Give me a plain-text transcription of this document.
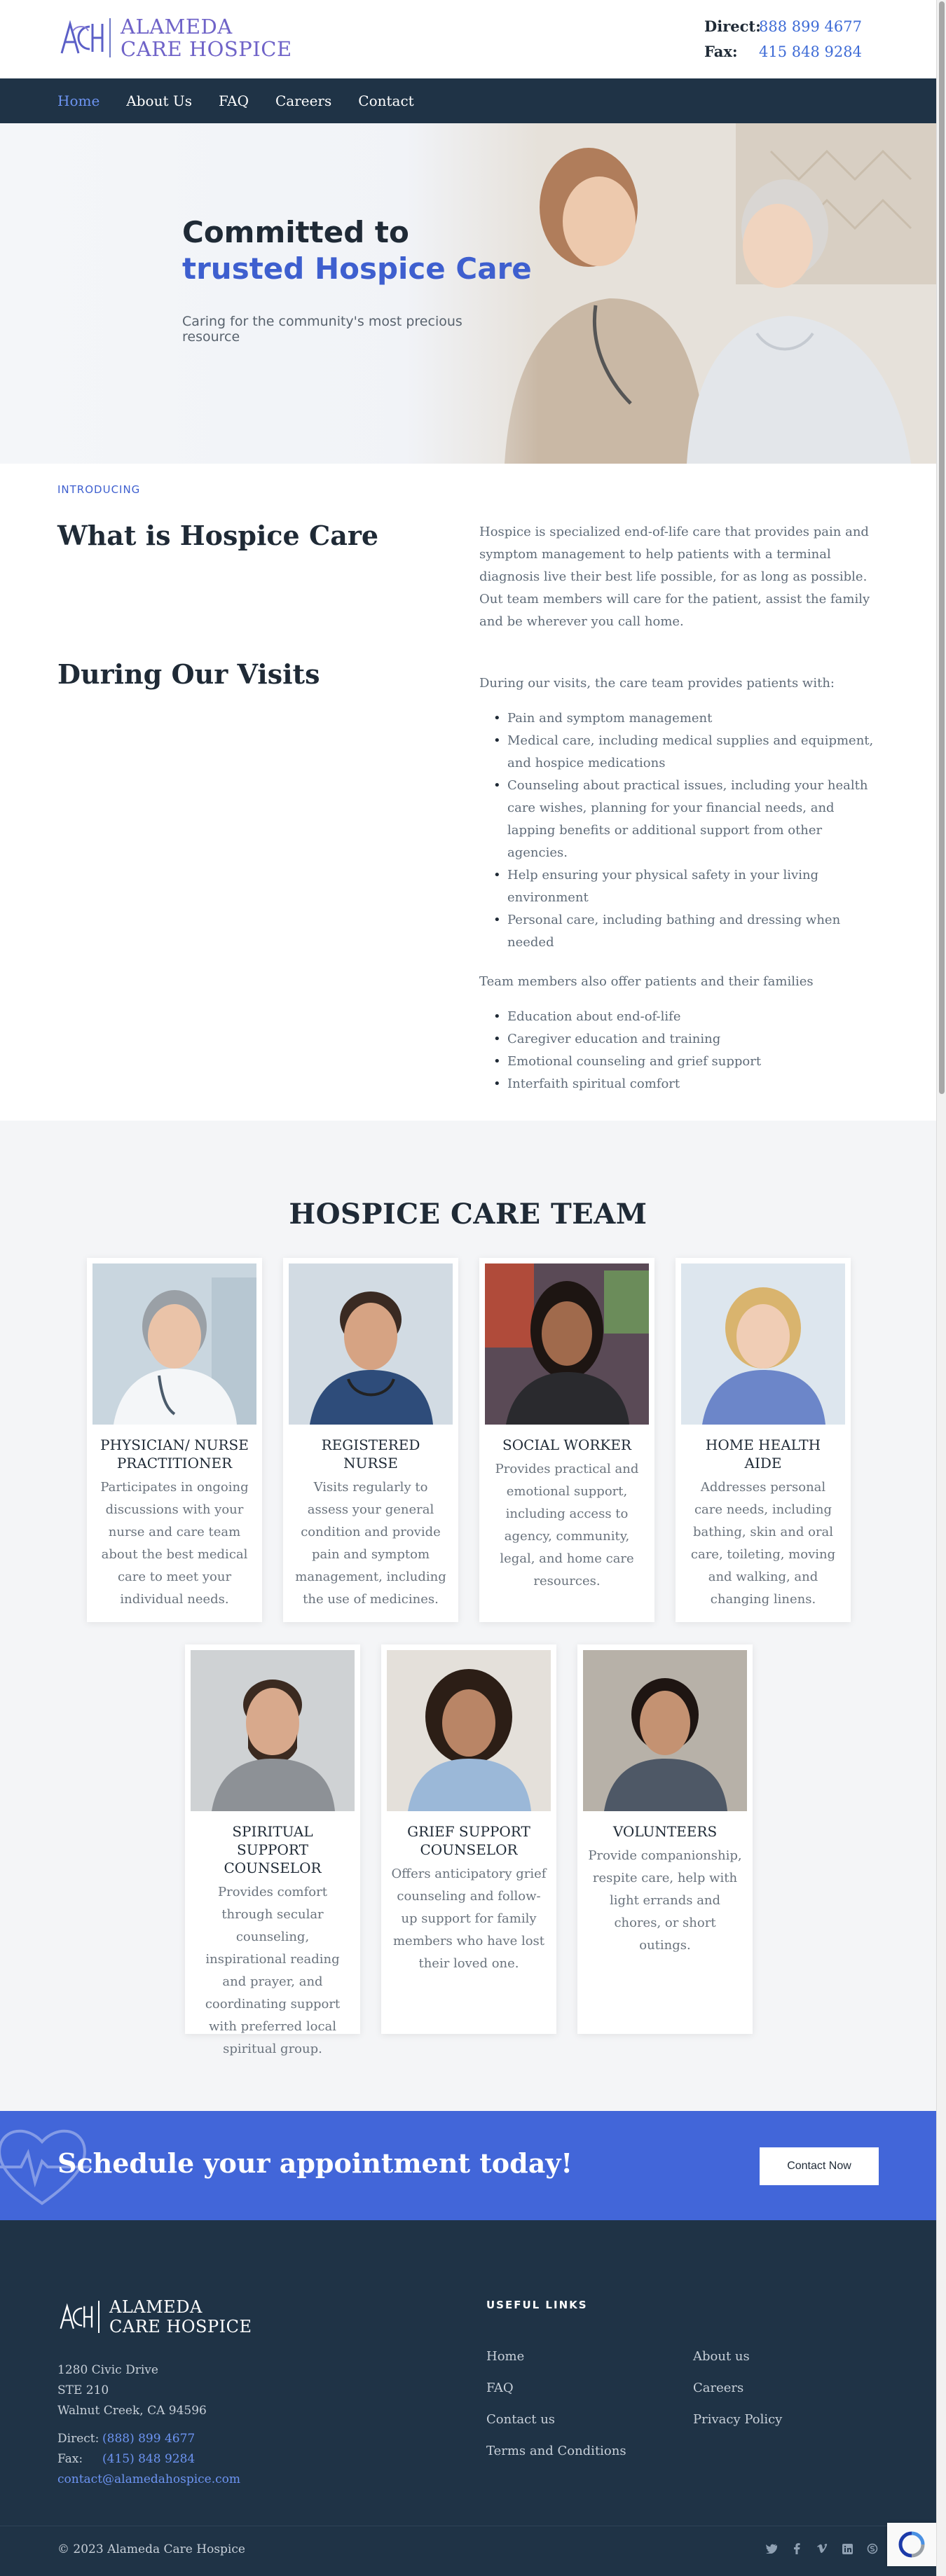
ALAMEDA
CARE HOSPICE
Direct:
888 899 4677
Fax:	415 848 9284
Home About Us FAQ Careers Contact
Committed to
trusted Hospice Care

Caring for the community's most precious resource

INTRODUCING
What is Hospice Care	Hospice is specialized end-of-life care that provides pain and symptom management to help patients with a terminal diagnosis live their best life possible, for as long as possible. Out team members will care for the patient, assist the family and be wherever you call home.

During Our Visits	During our visits, the care team provides patients with:

• Pain and symptom management
• Medical care, including medical supplies and equipment, and hospice medications
• Counseling about practical issues, including your health care wishes, planning for your financial needs, and lapping benefits or additional support from other agencies.
• Help ensuring your physical safety in your living environment
• Personal care, including bathing and dressing when needed

Team members also offer patients and their families

• Education about end-of-life
• Caregiver education and training
• Emotional counseling and grief support
• Interfaith spiritual comfort
HOSPICE CARE TEAM
PHYSICIAN/ NURSE PRACTITIONER
Participates in ongoing discussions with your nurse and care team about the best medical care to meet your individual needs.
REGISTERED NURSE
Visits regularly to assess your general condition and provide pain and symptom management, including the use of medicines.
SOCIAL WORKER
Provides practical and emotional support, including access to agency, community, legal, and home care resources.
HOME HEALTH AIDE
Addresses personal care needs, including bathing, skin and oral care, toileting, moving and walking, and changing linens.
SPIRITUAL SUPPORT COUNSELOR
Provides comfort through secular counseling, inspirational reading and prayer, and coordinating support with preferred local spiritual group.
GRIEF SUPPORT COUNSELOR
Offers anticipatory grief counseling and follow-up support for family members who have lost their loved one.
VOLUNTEERS
Provide companionship, respite care, help with light errands and chores, or short outings.
Schedule your appointment today!	Contact Now
ALAMEDA
CARE HOSPICE
1280 Civic Drive
STE 210
Walnut Creek, CA 94596
Direct: (888) 899 4677
Fax:	(415) 848 9284
contact@alamedahospice.com
USEFUL LINKS
Home	About us
FAQ	Careers
Contact us	Privacy Policy
Terms and Conditions
© 2023 Alameda Care Hospice
